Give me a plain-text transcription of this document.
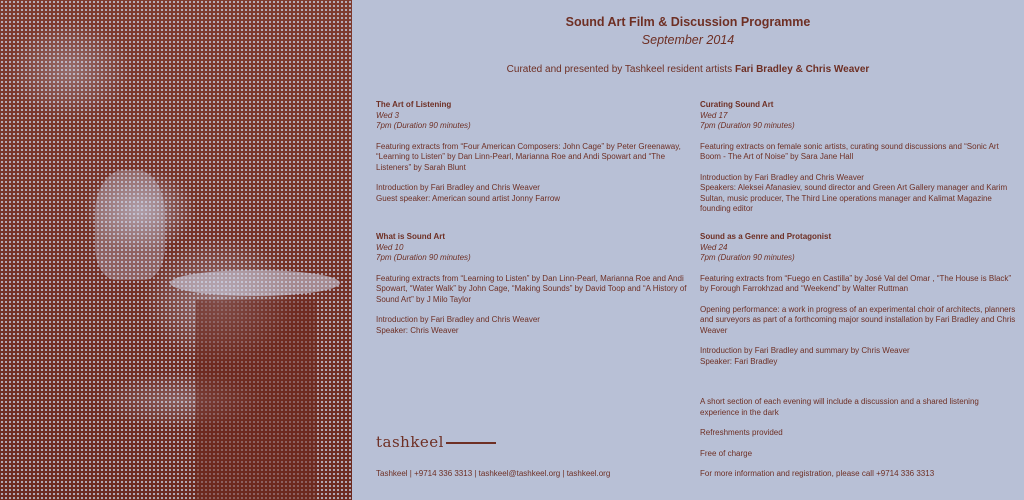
Sound Art Film & Discussion Programme
September 2014
Curated and presented by Tashkeel resident artists Fari Bradley & Chris Weaver
The Art of Listening
Wed 3
7pm (Duration 90 minutes)
Featuring extracts from “Four American Composers: John Cage” by Peter Greenaway, “Learning to Listen” by Dan Linn-Pearl, Marianna Roe and Andi Spowart and “The Listeners” by Sarah Blunt
Introduction by Fari Bradley and Chris Weaver
Guest speaker: American sound artist Jonny Farrow
What is Sound Art
Wed 10
7pm (Duration 90 minutes)
Featuring extracts from “Learning to Listen” by Dan Linn-Pearl, Marianna Roe and Andi Spowart, “Water Walk” by John Cage, “Making Sounds” by David Toop and “A History of Sound Art” by J Milo Taylor
Introduction by Fari Bradley and Chris Weaver
Speaker: Chris Weaver
Curating Sound Art
Wed 17
7pm (Duration 90 minutes)
Featuring extracts on female sonic artists, curating sound discussions and “Sonic Art Boom - The Art of Noise” by Sara Jane Hall
Introduction by Fari Bradley and Chris Weaver
Speakers: Aleksei Afanasiev, sound director and Green Art Gallery manager and Karim Sultan, music producer, The Third Line operations manager and Kalimat Magazine founding editor
Sound as a Genre and Protagonist
Wed 24
7pm (Duration 90 minutes)
Featuring extracts from “Fuego en Castilla” by José Val del Omar , “The House is Black” by Forough Farrokhzad and “Weekend” by Walter Ruttman
Opening performance: a work in progress of an experimental choir of architects, planners and surveyors as part of a forthcoming major sound installation by Fari Bradley and Chris Weaver
Introduction by Fari Bradley and summary by Chris Weaver
Speaker: Fari Bradley

A short section of each evening will include a discussion and a shared listening experience in the dark

Refreshments provided

Free of charge

tashkeel
Tashkeel | +9714 336 3313 | tashkeel@tashkeel.org | tashkeel.org	For more information and registration, please call +9714 336 3313
